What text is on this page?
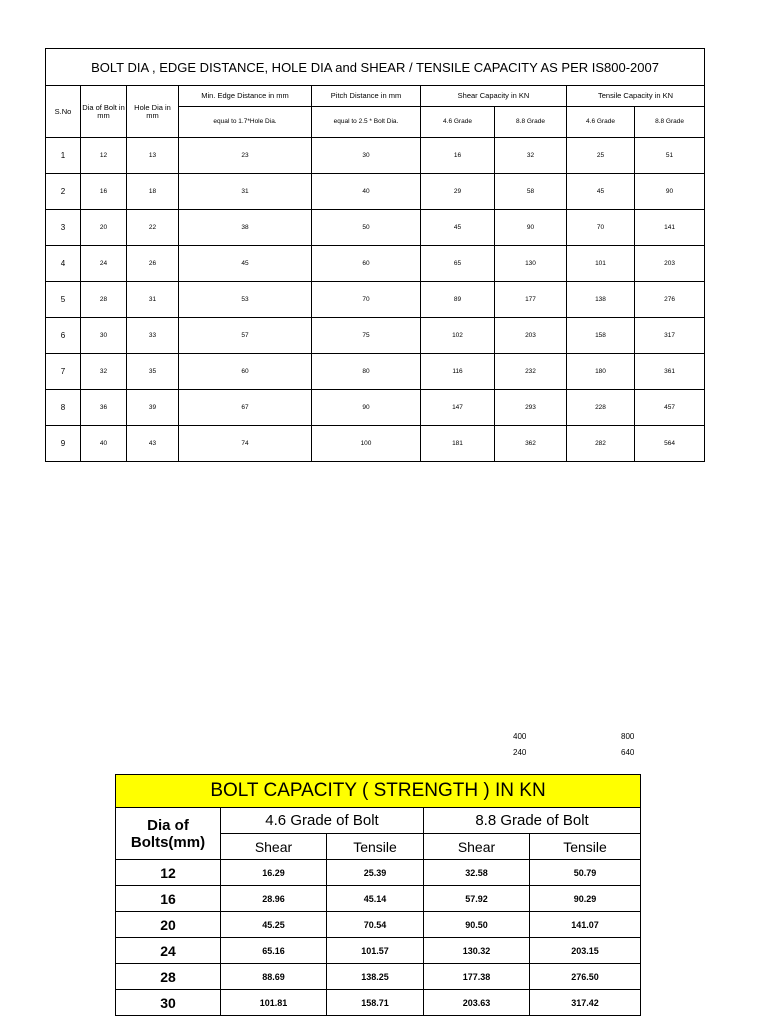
BOLT DIA , EDGE DISTANCE, HOLE DIA and SHEAR / TENSILE CAPACITY AS PER IS800-2007								
S.No	Dia of Bolt in mm	Hole Dia in mm	Min. Edge Distance in mm	Pitch Distance in mm	Shear Capacity in KN		Tensile Capacity in KN	
			equal to 1.7*Hole Dia.	equal to 2.5 * Bolt Dia.	4.6 Grade	8.8 Grade	4.6 Grade	8.8 Grade
1	12	13	23	30	16	32	25	51
2	16	18	31	40	29	58	45	90
3	20	22	38	50	45	90	70	141
4	24	26	45	60	65	130	101	203
5	28	31	53	70	89	177	138	276
6	30	33	57	75	102	203	158	317
7	32	35	60	80	116	232	180	361
8	36	39	67	90	147	293	228	457
9	40	43	74	100	181	362	282	564
400
240
800
640
BOLT CAPACITY ( STRENGTH ) IN KN				
Dia of Bolts(mm)	4.6 Grade of Bolt		8.8 Grade of Bolt	
	Shear	Tensile	Shear	Tensile
12	16.29	25.39	32.58	50.79
16	28.96	45.14	57.92	90.29
20	45.25	70.54	90.50	141.07
24	65.16	101.57	130.32	203.15
28	88.69	138.25	177.38	276.50
30	101.81	158.71	203.63	317.42
